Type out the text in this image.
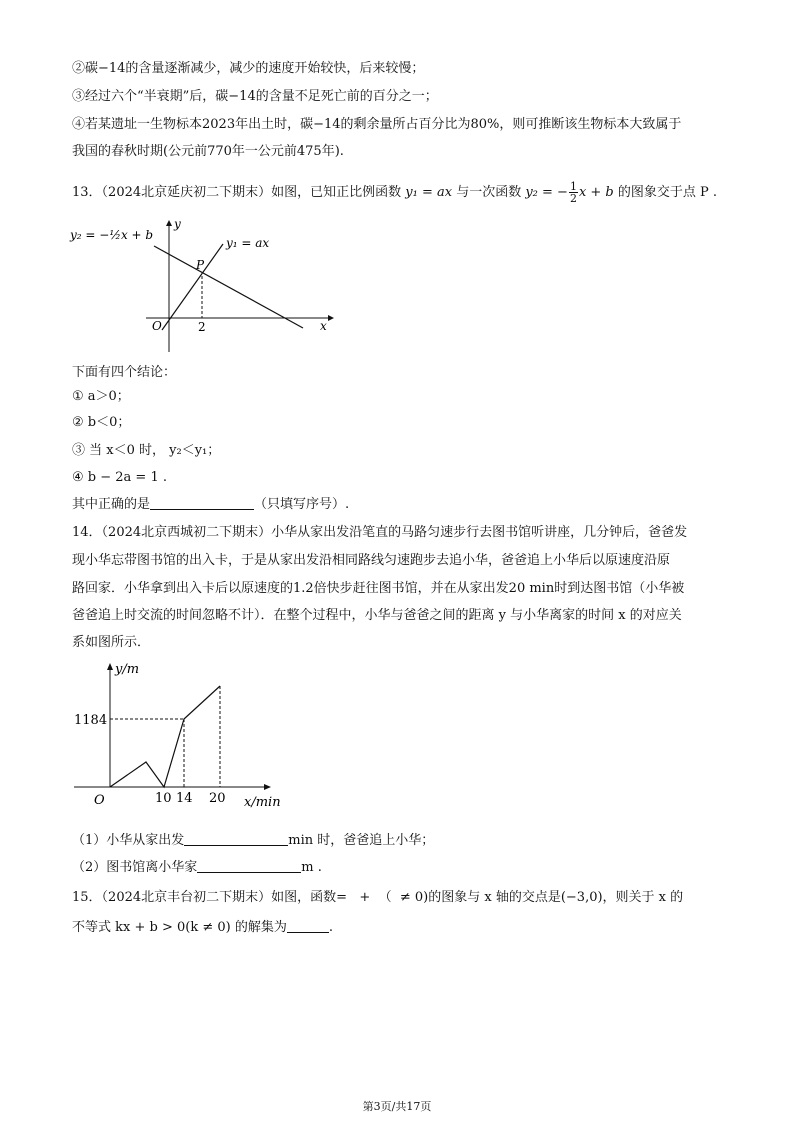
②碳−14的含量逐渐减少，减少的速度开始较快，后来较慢；
③经过六个“半衰期”后，碳−14的含量不足死亡前的百分之一；
④若某遗址一生物标本2023年出土时，碳−14的剩余量所占百分比为80%，则可推断该生物标本大致属于
我国的春秋时期(公元前770年一公元前475年).
13．（2024北京延庆初二下期末）如图，已知正比例函数 y₁ = ax 与一次函数 y₂ = − $\frac{1}{2}$ x + b 的图象交于点 P .
y₂ = −½x + b
y₁ = ax
P
O	2	x
y
下面有四个结论：
① a＞0；
② b＜0；
③ 当 x＜0 时， y₂＜y₁；
④ b − 2a = 1 .
其中正确的是	（只填写序号）.
14．（2024北京西城初二下期末）小华从家出发沿笔直的马路匀速步行去图书馆听讲座，几分钟后，爸爸发
现小华忘带图书馆的出入卡，于是从家出发沿相同路线匀速跑步去追小华，爸爸追上小华后以原速度沿原
路回家．小华拿到出入卡后以原速度的1.2倍快步赶往图书馆，并在从家出发20 min时到达图书馆（小华被
爸爸追上时交流的时间忽略不计）．在整个过程中，小华与爸爸之间的距离 y 与小华离家的时间 x 的对应关
系如图所示．
y/m
1184
O	10 14 20 x/min
（1）小华从家出发	min 时，爸爸追上小华；
（2）图书馆离小华家	m .
15．（2024北京丰台初二下期末）如图，函数=   +  （  ≠ 0)的图象与 x 轴的交点是(−3,0)，则关于 x 的
不等式 kx + b > 0(k ≠ 0) 的解集为	.
第3页/共17页
